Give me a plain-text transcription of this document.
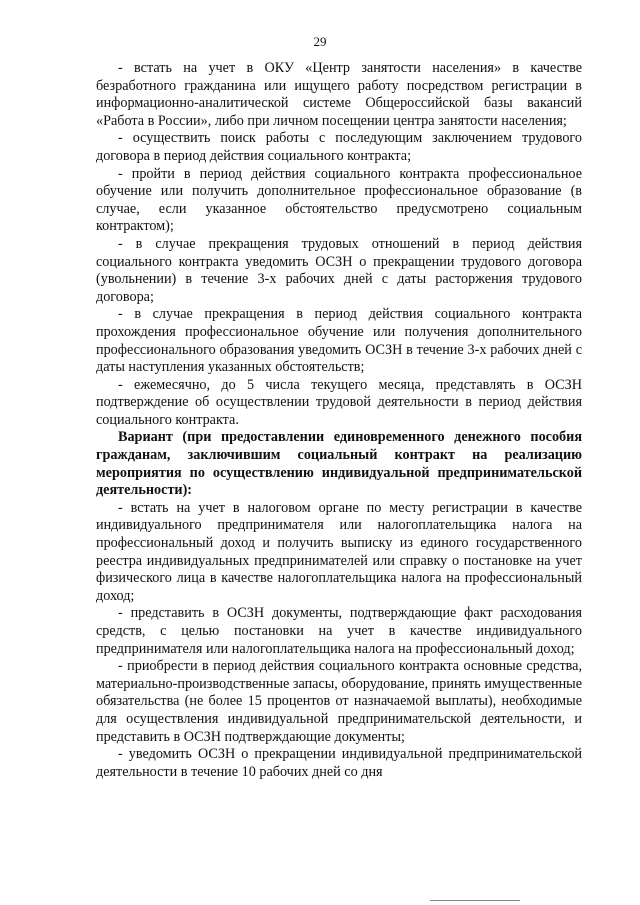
29

- встать на учет в ОКУ «Центр занятости населения» в качестве безработного гражданина или ищущего работу посредством регистрации в информационно-аналитической системе Общероссийской базы вакансий «Работа в России», либо при личном посещении центра занятости населения;

- осуществить поиск работы с последующим заключением трудового договора в период действия социального контракта;

- пройти в период действия социального контракта профессиональное обучение или получить дополнительное профессиональное образование (в случае, если указанное обстоятельство предусмотрено социальным контрактом);

- в случае прекращения трудовых отношений в период действия социального контракта уведомить ОСЗН о прекращении трудового договора (увольнении) в течение 3-х рабочих дней с даты расторжения трудового договора;

- в случае прекращения в период действия социального контракта прохождения профессиональное обучение или получения дополнительного профессионального образования уведомить ОСЗН в течение 3-х рабочих дней с даты наступления указанных обстоятельств;

- ежемесячно, до 5 числа текущего месяца, представлять в ОСЗН подтверждение об осуществлении трудовой деятельности в период действия социального контракта.

Вариант (при предоставлении единовременного денежного пособия гражданам, заключившим социальный контракт на реализацию мероприятия по осуществлению индивидуальной предпринимательской деятельности):

- встать на учет в налоговом органе по месту регистрации в качестве индивидуального предпринимателя или налогоплательщика налога на профессиональный доход и получить выписку из единого государственного реестра индивидуальных предпринимателей или справку о постановке на учет физического лица в качестве налогоплательщика налога на профессиональный доход;

- представить в ОСЗН документы, подтверждающие факт расходования средств, с целью постановки на учет в качестве индивидуального предпринимателя или налогоплательщика налога на профессиональный доход;

- приобрести в период действия социального контракта основные средства, материально-производственные запасы, оборудование, принять имущественные обязательства (не более 15 процентов от назначаемой выплаты), необходимые для осуществления индивидуальной предпринимательской деятельности, и представить в ОСЗН подтверждающие документы;

- уведомить ОСЗН о прекращении индивидуальной предпринимательской деятельности в течение 10 рабочих дней со дня
